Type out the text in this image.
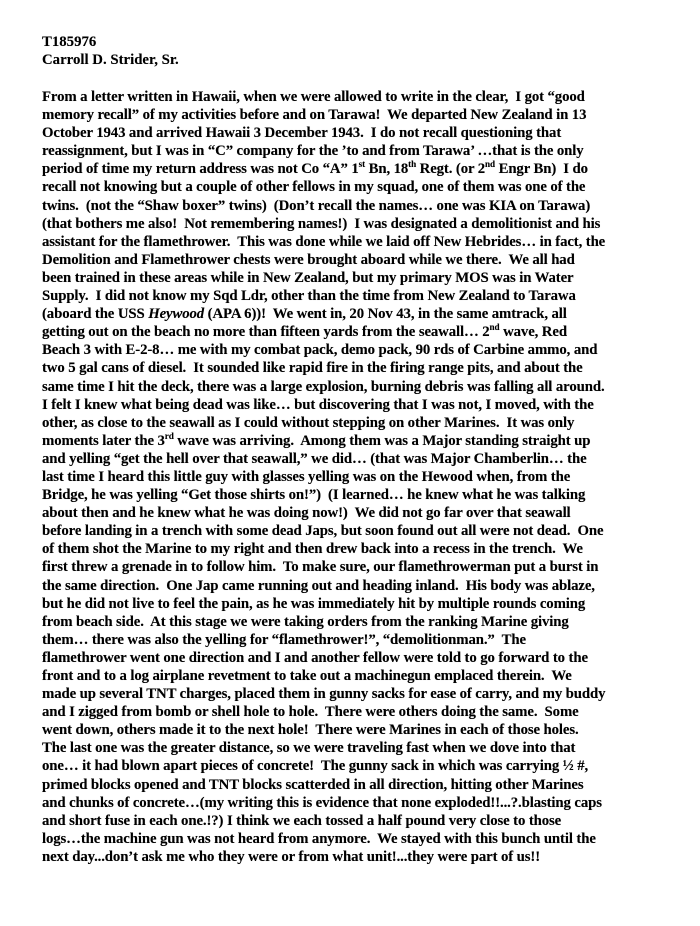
T185976
Carroll D. Strider, Sr.
From a letter written in Hawaii, when we were allowed to write in the clear,  I got “good
memory recall” of my activities before and on Tarawa!  We departed New Zealand in 13
October 1943 and arrived Hawaii 3 December 1943.  I do not recall questioning that
reassignment, but I was in “C” company for the ’to and from Tarawa’ …that is the only
period of time my return address was not Co “A” 1st Bn, 18th Regt. (or 2nd Engr Bn)  I do
recall not knowing but a couple of other fellows in my squad, one of them was one of the
twins.  (not the “Shaw boxer” twins)  (Don’t recall the names… one was KIA on Tarawa)
(that bothers me also!  Not remembering names!)  I was designated a demolitionist and his
assistant for the flamethrower.  This was done while we laid off New Hebrides… in fact, the
Demolition and Flamethrower chests were brought aboard while we there.  We all had
been trained in these areas while in New Zealand, but my primary MOS was in Water
Supply.  I did not know my Sqd Ldr, other than the time from New Zealand to Tarawa
(aboard the USS Heywood (APA 6))!  We went in, 20 Nov 43, in the same amtrack, all
getting out on the beach no more than fifteen yards from the seawall… 2nd wave, Red
Beach 3 with E-2-8… me with my combat pack, demo pack, 90 rds of Carbine ammo, and
two 5 gal cans of diesel.  It sounded like rapid fire in the firing range pits, and about the
same time I hit the deck, there was a large explosion, burning debris was falling all around.
I felt I knew what being dead was like… but discovering that I was not, I moved, with the
other, as close to the seawall as I could without stepping on other Marines.  It was only
moments later the 3rd wave was arriving.  Among them was a Major standing straight up
and yelling “get the hell over that seawall,” we did… (that was Major Chamberlin… the
last time I heard this little guy with glasses yelling was on the Hewood when, from the
Bridge, he was yelling “Get those shirts on!”)  (I learned… he knew what he was talking
about then and he knew what he was doing now!)  We did not go far over that seawall
before landing in a trench with some dead Japs, but soon found out all were not dead.  One
of them shot the Marine to my right and then drew back into a recess in the trench.  We
first threw a grenade in to follow him.  To make sure, our flamethrowerman put a burst in
the same direction.  One Jap came running out and heading inland.  His body was ablaze,
but he did not live to feel the pain, as he was immediately hit by multiple rounds coming
from beach side.  At this stage we were taking orders from the ranking Marine giving
them… there was also the yelling for “flamethrower!”, “demolitionman.”  The
flamethrower went one direction and I and another fellow were told to go forward to the
front and to a log airplane revetment to take out a machinegun emplaced therein.  We
made up several TNT charges, placed them in gunny sacks for ease of carry, and my buddy
and I zigged from bomb or shell hole to hole.  There were others doing the same.  Some
went down, others made it to the next hole!  There were Marines in each of those holes.
The last one was the greater distance, so we were traveling fast when we dove into that
one… it had blown apart pieces of concrete!  The gunny sack in which was carrying ½ #,
primed blocks opened and TNT blocks scatterded in all direction, hitting other Marines
and chunks of concrete…(my writing this is evidence that none exploded!!...?.blasting caps
and short fuse in each one.!?) I think we each tossed a half pound very close to those
logs…the machine gun was not heard from anymore.  We stayed with this bunch until the
next day...don’t ask me who they were or from what unit!...they were part of us!!
